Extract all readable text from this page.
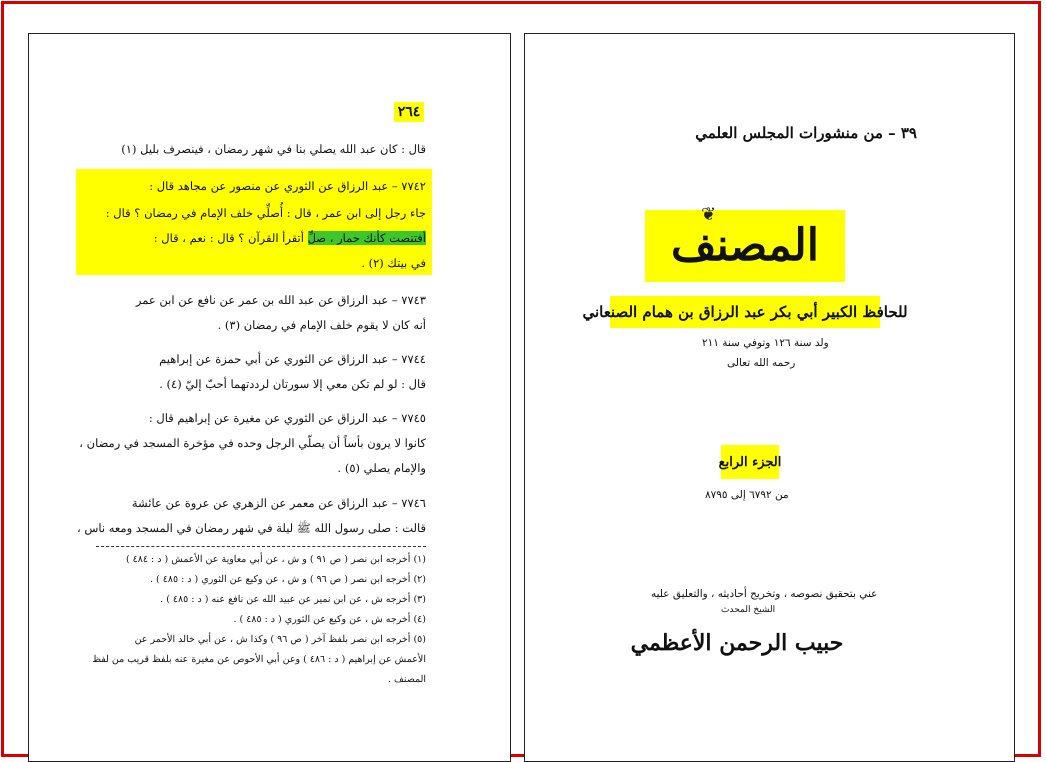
٢٦٤
قال : كان عبد الله يصلي بنا في شهر رمضان ، فينصرف بليل (١)
٧٧٤٢ – عبد الرزاق عن الثوري عن منصور عن مجاهد قال :
جاء رجل إلى ابن عمر ، قال : أُصلِّي خلف الإمام في رمضان ؟ قال :
أفتنصت كأنك حمار ، صلِّ أتقرأ القرآن ؟ قال : نعم ، قال :
في بيتك (٢) .
٧٧٤٣ – عبد الرزاق عن عبد الله بن عمر عن نافع عن ابن عمر
أنه كان لا يقوم خلف الإمام في رمضان (٣) .
٧٧٤٤ – عبد الرزاق عن الثوري عن أبي حمزة عن إبراهيم
قال : لو لم تكن معي إلا سورتان لرددتهما أحبّ إليّ (٤) .
٧٧٤٥ – عبد الرزاق عن الثوري عن مغيرة عن إبراهيم قال :
كانوا لا يرون بأساً أن يصلّي الرجل وحده في مؤخرة المسجد في رمضان ،
والإمام يصلي (٥) .
٧٧٤٦ – عبد الرزاق عن معمر عن الزهري عن عروة عن عائشة
قالت : صلى رسول الله ﷺ ليلة في شهر رمضان في المسجد ومعه ناس ،
(١) أخرجه ابن نصر ( ص ٩١ ) و ش ، عن أبي معاوية عن الأعمش ( د : ٤٨٤ )
(٢) أخرجه ابن نصر ( ص ٩٦ ) و ش ، عن وكيع عن الثوري ( د : ٤٨٥ ) .
(٣) أخرجه ش ، عن ابن نمير عن عبيد الله عن نافع عنه ( د : ٤٨٥ ) .
(٤) أخرجه ش ، عن وكيع عن الثوري ( د : ٤٨٥ ) .
(٥) أخرجه ابن نصر بلفظ آخر ( ص ٩٦ ) وكذا ش ، عن أبي خالد الأحمر عن
الأعمش عن إبراهيم ( د : ٤٨٦ ) وعن أبي الأحوص عن مغيرة عنه بلفظ قريب من لفظ
المصنف .
٣٩ – من منشورات المجلس العلمي
المصنف
❦
للحافظ الكبير أبي بكر عبد الرزاق بن همام الصنعاني
ولد سنة ١٢٦ وتوفي سنة ٢١١
رحمه الله تعالى
الجزء الرابع
من ٦٧٩٢ إلى ٨٧٩٥
عني بتحقيق نصوصه ، وتخريج أحاديثه ، والتعليق عليه
الشيخ المحدث
حبيب الرحمن الأعظمي
